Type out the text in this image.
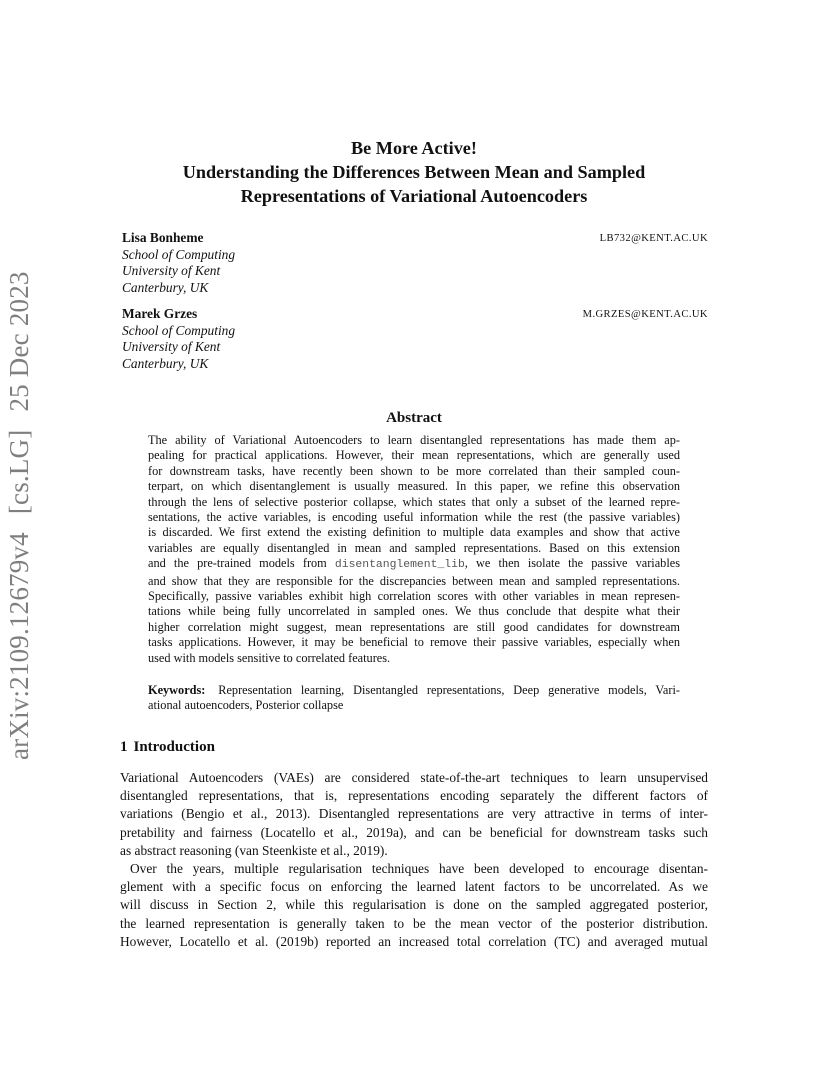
arXiv:2109.12679v4[cs.LG]25 Dec 2023
Be More Active!
Understanding the Differences Between Mean and Sampled
Representations of Variational Autoencoders
Lisa Bonheme	LB732@KENT.AC.UK
School of Computing
University of Kent
Canterbury, UK
Marek Grzes	M.GRZES@KENT.AC.UK
School of Computing
University of Kent
Canterbury, UK
Abstract
The ability of Variational Autoencoders to learn disentangled representations has made them ap-
pealing for practical applications. However, their mean representations, which are generally used
for downstream tasks, have recently been shown to be more correlated than their sampled coun-
terpart, on which disentanglement is usually measured. In this paper, we refine this observation
through the lens of selective posterior collapse, which states that only a subset of the learned repre-
sentations, the active variables, is encoding useful information while the rest (the passive variables)
is discarded. We first extend the existing definition to multiple data examples and show that active
variables are equally disentangled in mean and sampled representations. Based on this extension
and the pre-trained models from disentanglement_lib, we then isolate the passive variables
and show that they are responsible for the discrepancies between mean and sampled representations.
Specifically, passive variables exhibit high correlation scores with other variables in mean represen-
tations while being fully uncorrelated in sampled ones. We thus conclude that despite what their
higher correlation might suggest, mean representations are still good candidates for downstream
tasks applications. However, it may be beneficial to remove their passive variables, especially when
used with models sensitive to correlated features.
Keywords: Representation learning, Disentangled representations, Deep generative models, Vari-
ational autoencoders, Posterior collapse
1 Introduction
Variational Autoencoders (VAEs) are considered state-of-the-art techniques to learn unsupervised
disentangled representations, that is, representations encoding separately the different factors of
variations (Bengio et al., 2013). Disentangled representations are very attractive in terms of inter-
pretability and fairness (Locatello et al., 2019a), and can be beneficial for downstream tasks such
as abstract reasoning (van Steenkiste et al., 2019).
Over the years, multiple regularisation techniques have been developed to encourage disentan-
glement with a specific focus on enforcing the learned latent factors to be uncorrelated. As we
will discuss in Section 2, while this regularisation is done on the sampled aggregated posterior,
the learned representation is generally taken to be the mean vector of the posterior distribution.
However, Locatello et al. (2019b) reported an increased total correlation (TC) and averaged mutual
